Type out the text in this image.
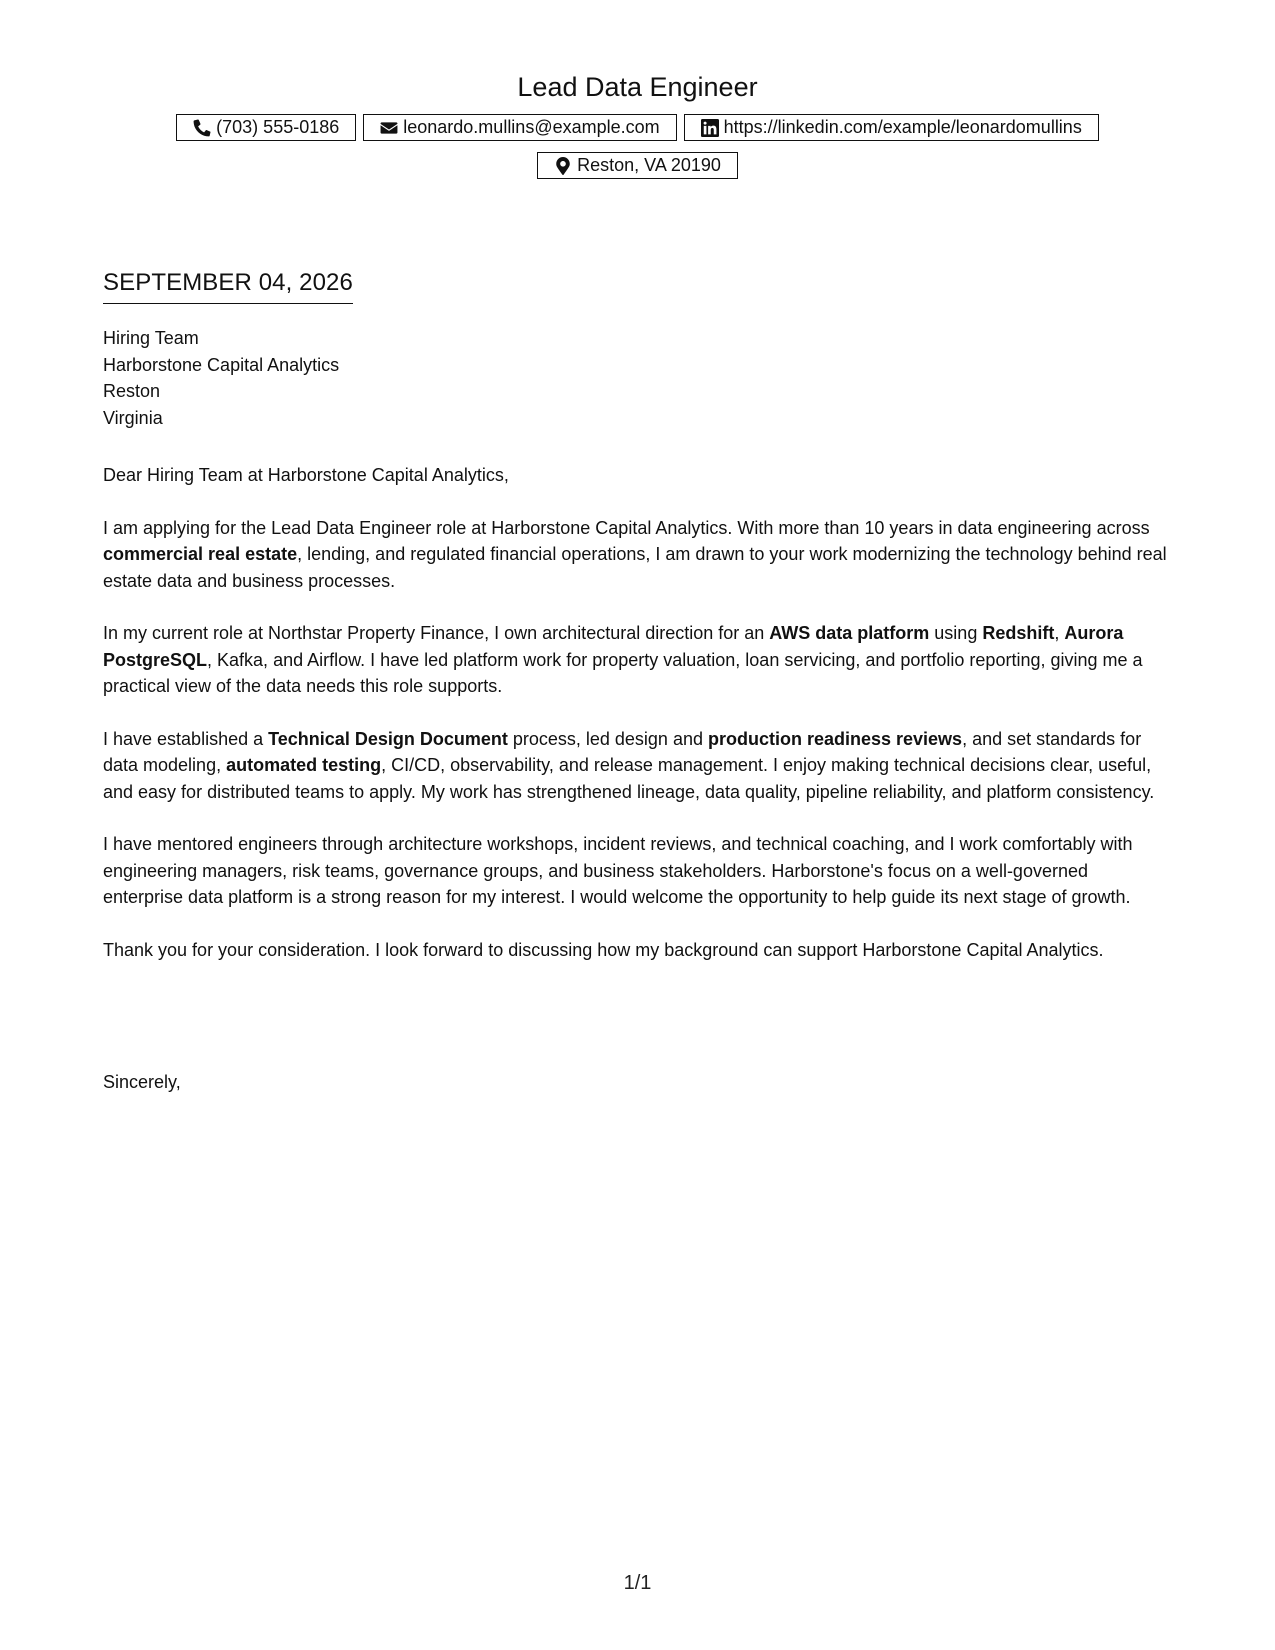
Lead Data Engineer
(703) 555-0186	leonardo.mullins@example.com	https://linkedin.com/example/leonardomullins
Reston, VA 20190
SEPTEMBER 04, 2026
Hiring Team
Harborstone Capital Analytics
Reston
Virginia
Dear Hiring Team at Harborstone Capital Analytics,

I am applying for the Lead Data Engineer role at Harborstone Capital Analytics. With more than 10 years in data engineering across commercial real estate, lending, and regulated financial operations, I am drawn to your work modernizing the technology behind real estate data and business processes.

In my current role at Northstar Property Finance, I own architectural direction for an AWS data platform using Redshift, Aurora PostgreSQL, Kafka, and Airflow. I have led platform work for property valuation, loan servicing, and portfolio reporting, giving me a practical view of the data needs this role supports.

I have established a Technical Design Document process, led design and production readiness reviews, and set standards for data modeling, automated testing, CI/CD, observability, and release management. I enjoy making technical decisions clear, useful, and easy for distributed teams to apply. My work has strengthened lineage, data quality, pipeline reliability, and platform consistency.

I have mentored engineers through architecture workshops, incident reviews, and technical coaching, and I work comfortably with engineering managers, risk teams, governance groups, and business stakeholders. Harborstone's focus on a well-governed enterprise data platform is a strong reason for my interest. I would welcome the opportunity to help guide its next stage of growth.

Thank you for your consideration. I look forward to discussing how my background can support Harborstone Capital Analytics.

Sincerely,
1/1
